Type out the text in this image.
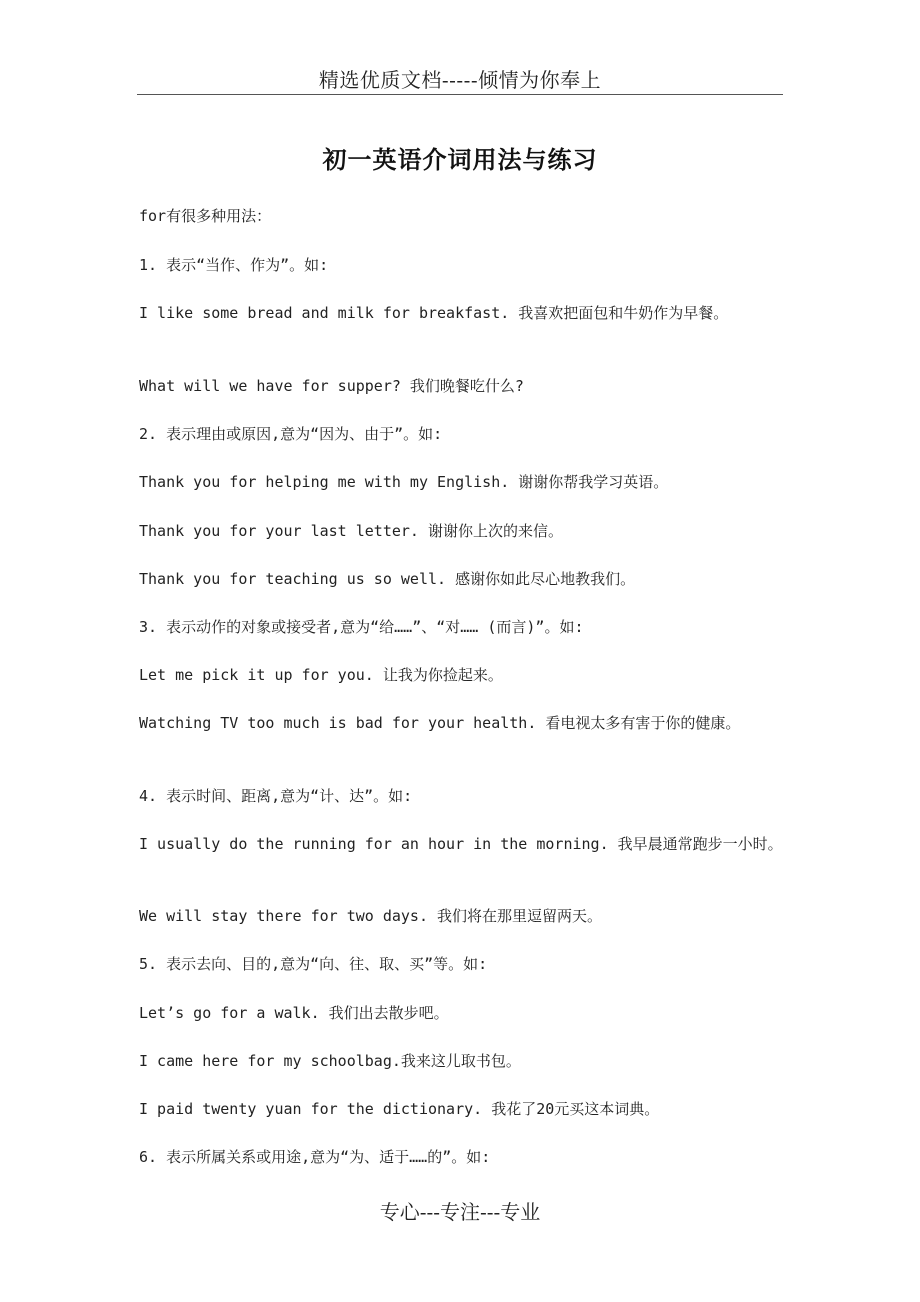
精选优质文档-----倾情为你奉上
初一英语介词用法与练习
for有很多种用法：
1. 表示“当作、作为”。如:
I like some bread and milk for breakfast. 我喜欢把面包和牛奶作为早餐。
What will we have for supper? 我们晚餐吃什么?
2. 表示理由或原因,意为“因为、由于”。如:
Thank you for helping me with my English. 谢谢你帮我学习英语。
Thank you for your last letter. 谢谢你上次的来信。
Thank you for teaching us so well. 感谢你如此尽心地教我们。
3. 表示动作的对象或接受者,意为“给……”、“对…… (而言)”。如:
Let me pick it up for you. 让我为你捡起来。
Watching TV too much is bad for your health. 看电视太多有害于你的健康。
4. 表示时间、距离,意为“计、达”。如:
I usually do the running for an hour in the morning. 我早晨通常跑步一小时。
We will stay there for two days. 我们将在那里逗留两天。
5. 表示去向、目的,意为“向、往、取、买”等。如:
Let’s go for a walk. 我们出去散步吧。
I came here for my schoolbag.我来这儿取书包。
I paid twenty yuan for the dictionary. 我花了20元买这本词典。
6. 表示所属关系或用途,意为“为、适于……的”。如:
专心---专注---专业
